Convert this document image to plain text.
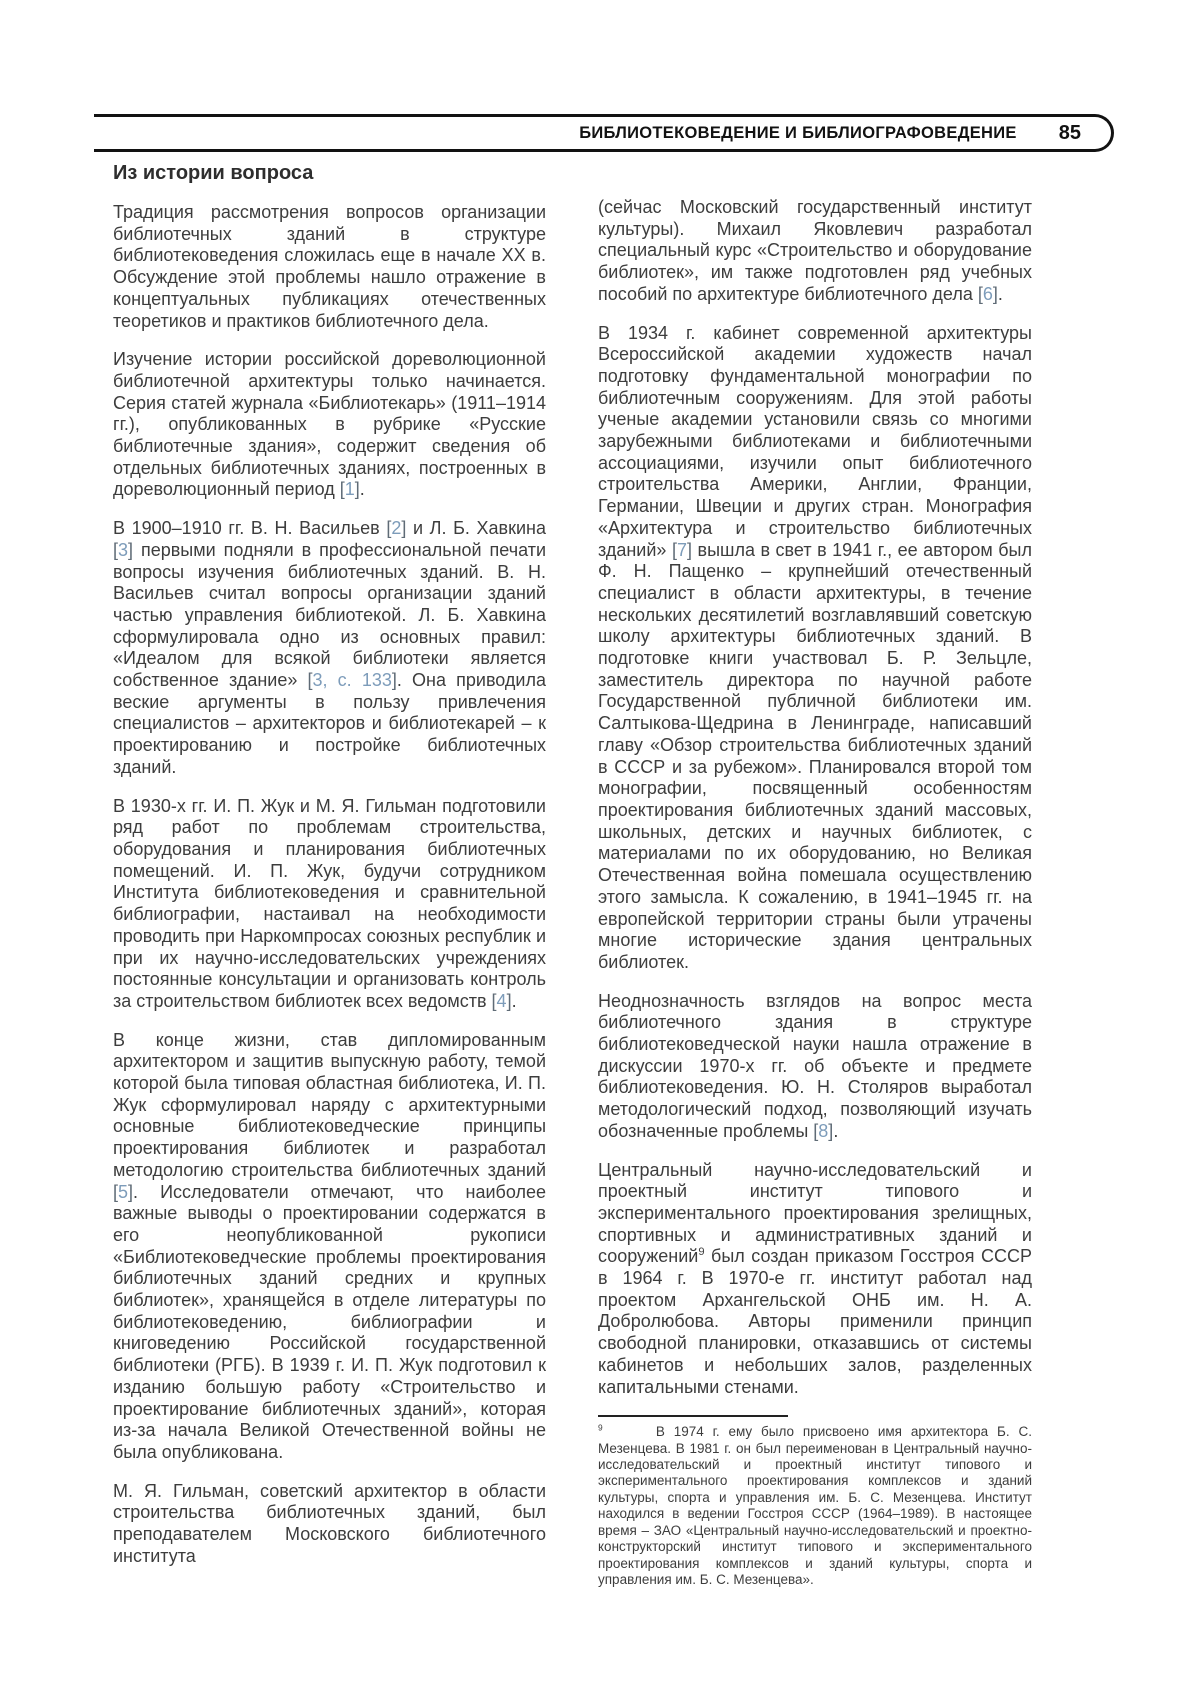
БИБЛИОТЕКОВЕДЕНИЕ И БИБЛИОГРАФОВЕДЕНИЕ 85
Из истории вопроса

Традиция рассмотрения вопросов организации библиотечных зданий в структуре библиотековедения сложилась еще в начале XX в. Обсуждение этой проблемы нашло отражение в концептуальных публикациях отечественных теоретиков и практиков библиотечного дела.

Изучение истории российской дореволюционной библиотечной архитектуры только начинается. Серия статей журнала «Библиотекарь» (1911–1914 гг.), опубликованных в рубрике «Русские библиотечные здания», содержит сведения об отдельных библиотечных зданиях, построенных в дореволюционный период [1].

В 1900–1910 гг. В. Н. Васильев [2] и Л. Б. Хавкина [3] первыми подняли в профессиональной печати вопросы изучения библиотечных зданий. В. Н. Васильев считал вопросы организации зданий частью управления библиотекой. Л. Б. Хавкина сформулировала одно из основных правил: «Идеалом для всякой библиотеки является собственное здание» [3, с. 133]. Она приводила веские аргументы в пользу привлечения специалистов – архитекторов и библиотекарей – к проектированию и постройке библиотечных зданий.

В 1930-х гг. И. П. Жук и М. Я. Гильман подготовили ряд работ по проблемам строительства, оборудования и планирования библиотечных помещений. И. П. Жук, будучи сотрудником Института библиотековедения и сравнительной библиографии, настаивал на необходимости проводить при Наркомпросах союзных республик и при их научно-исследовательских учреждениях постоянные консультации и организовать контроль за строительством библиотек всех ведомств [4].

В конце жизни, став дипломированным архитектором и защитив выпускную работу, темой которой была типовая областная библиотека, И. П. Жук сформулировал наряду с архитектурными основные библиотековедческие принципы проектирования библиотек и разработал методологию строительства библиотечных зданий [5]. Исследователи отмечают, что наиболее важные выводы о проектировании содержатся в его неопубликованной рукописи «Библиотековедческие проблемы проектирования библиотечных зданий средних и крупных библиотек», хранящейся в отделе литературы по библиотековедению, библиографии и книговедению Российской государственной библиотеки (РГБ). В 1939 г. И. П. Жук подготовил к изданию большую работу «Строительство и проектирование библиотечных зданий», которая из-за начала Великой Отечественной войны не была опубликована.

М. Я. Гильман, советский архитектор в области строительства библиотечных зданий, был преподавателем Московского библиотечного института

(сейчас Московский государственный институт культуры). Михаил Яковлевич разработал специальный курс «Строительство и оборудование библиотек», им также подготовлен ряд учебных пособий по архитектуре библиотечного дела [6].

В 1934 г. кабинет современной архитектуры Всероссийской академии художеств начал подготовку фундаментальной монографии по библиотечным сооружениям. Для этой работы ученые академии установили связь со многими зарубежными библиотеками и библиотечными ассоциациями, изучили опыт библиотечного строительства Америки, Англии, Франции, Германии, Швеции и других стран. Монография «Архитектура и строительство библиотечных зданий» [7] вышла в свет в 1941 г., ее автором был Ф. Н. Пащенко – крупнейший отечественный специалист в области архитектуры, в течение нескольких десятилетий возглавлявший советскую школу архитектуры библиотечных зданий. В подготовке книги участвовал Б. Р. Зельцле, заместитель директора по научной работе Государственной публичной библиотеки им. Салтыкова-Щедрина в Ленинграде, написавший главу «Обзор строительства библиотечных зданий в СССР и за рубежом». Планировался второй том монографии, посвященный особенностям проектирования библиотечных зданий массовых, школьных, детских и научных библиотек, с материалами по их оборудованию, но Великая Отечественная война помешала осуществлению этого замысла. К сожалению, в 1941–1945 гг. на европейской территории страны были утрачены многие исторические здания центральных библиотек.

Неоднозначность взглядов на вопрос места библиотечного здания в структуре библиотековедческой науки нашла отражение в дискуссии 1970-х гг. об объекте и предмете библиотековедения. Ю. Н. Столяров выработал методологический подход, позволяющий изучать обозначенные проблемы [8].

Центральный научно-исследовательский и проектный институт типового и экспериментального проектирования зрелищных, спортивных и административных зданий и сооружений$^9$ был создан приказом Госстроя СССР в 1964 г. В 1970-е гг. институт работал над проектом Архангельской ОНБ им. Н. А. Добролюбова. Авторы применили принцип свободной планировки, отказавшись от системы кабинетов и небольших залов, разделенных капитальными стенами.

$^9$      В 1974 г. ему было присвоено имя архитектора Б. С. Мезенцева. В 1981 г. он был переименован в Центральный научно-исследовательский и проектный институт типового и экспериментального проектирования комплексов и зданий культуры, спорта и управления им. Б. С. Мезенцева. Институт находился в ведении Госстроя СССР (1964–1989). В настоящее время – ЗАО «Центральный научно-исследовательский и проектно-конструкторский институт типового и экспериментального проектирования комплексов и зданий культуры, спорта и управления им. Б. С. Мезенцева».
